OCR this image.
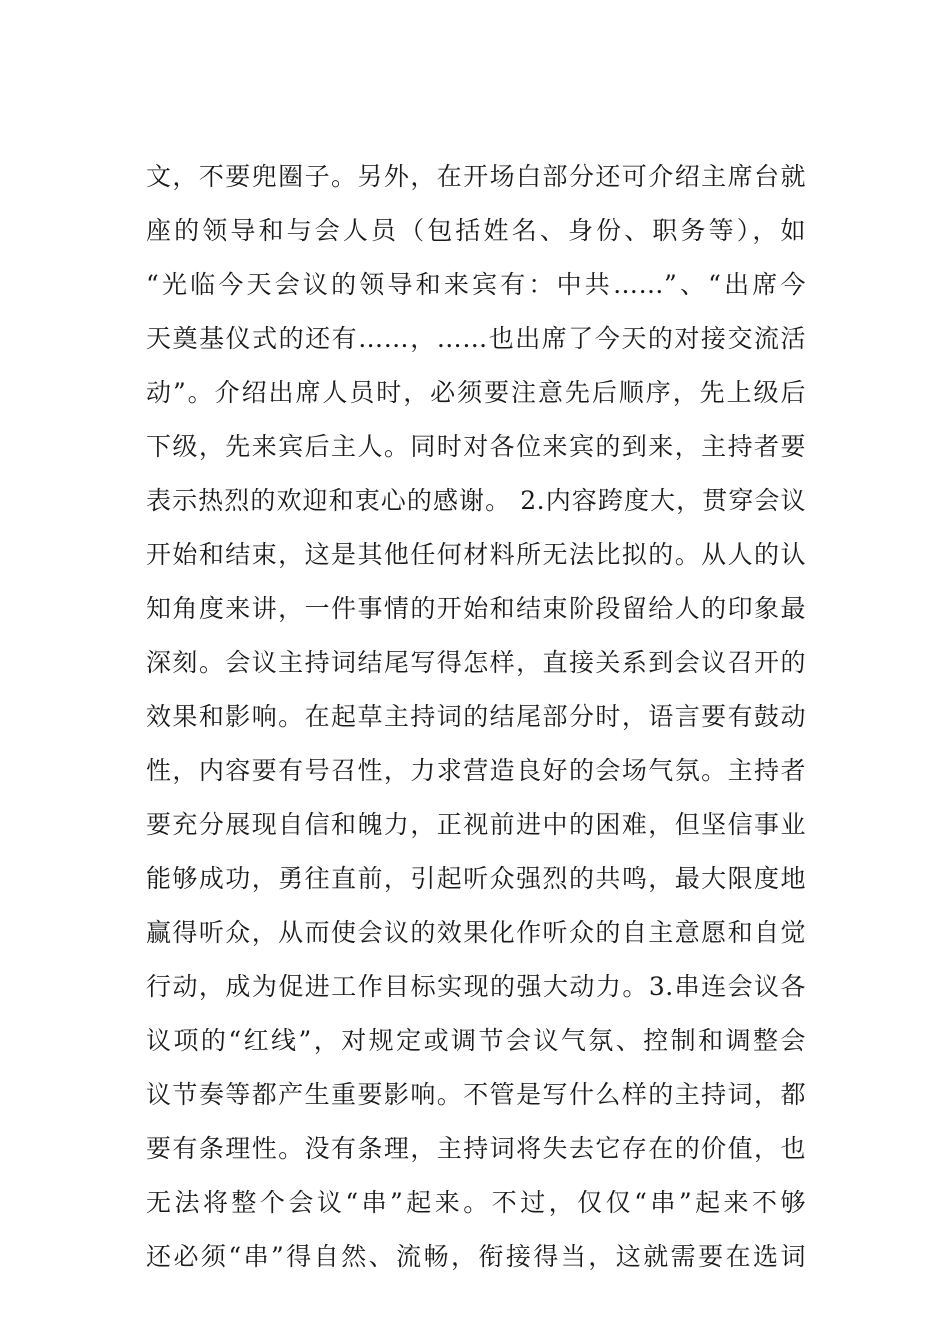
文，不要兜圈子。另外，在开场白部分还可介绍主席台就
座的领导和与会人员（包括姓名、身份、职务等），如
“光临今天会议的领导和来宾有：中共……”、“出席今
天奠基仪式的还有……，……也出席了今天的对接交流活
动”。介绍出席人员时，必须要注意先后顺序，先上级后
下级，先来宾后主人。同时对各位来宾的到来，主持者要
表示热烈的欢迎和衷心的感谢。 2.内容跨度大，贯穿会议
开始和结束，这是其他任何材料所无法比拟的。从人的认
知角度来讲，一件事情的开始和结束阶段留给人的印象最
深刻。会议主持词结尾写得怎样，直接关系到会议召开的
效果和影响。在起草主持词的结尾部分时，语言要有鼓动
性，内容要有号召性，力求营造良好的会场气氛。主持者
要充分展现自信和魄力，正视前进中的困难，但坚信事业
能够成功，勇往直前，引起听众强烈的共鸣，最大限度地
赢得听众，从而使会议的效果化作听众的自主意愿和自觉
行动，成为促进工作目标实现的强大动力。3.串连会议各
议项的“红线”，对规定或调节会议气氛、控制和调整会
议节奏等都产生重要影响。不管是写什么样的主持词，都
要有条理性。没有条理，主持词将失去它存在的价值，也
无法将整个会议“串”起来。不过，仅仅“串”起来不够
还必须“串”得自然、流畅，衔接得当，这就需要在选词
